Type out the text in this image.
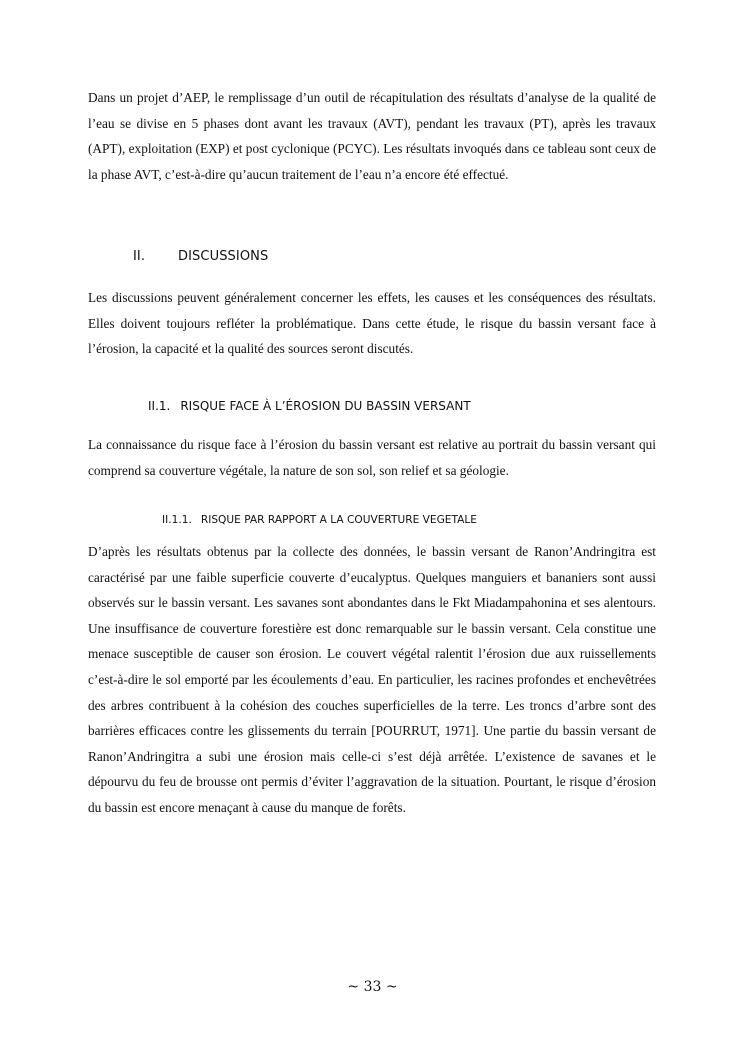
Dans un projet d’AEP, le remplissage d’un outil de récapitulation des résultats d’analyse de la qualité de l’eau se divise en 5 phases dont avant les travaux (AVT), pendant les travaux (PT), après les travaux (APT), exploitation (EXP) et post cyclonique (PCYC). Les résultats invoqués dans ce tableau sont ceux de la phase AVT, c’est-à-dire qu’aucun traitement de l’eau n’a encore été effectué.

II.	DISCUSSIONS

Les discussions peuvent généralement concerner les effets, les causes et les conséquences des résultats. Elles doivent toujours refléter la problématique. Dans cette étude, le risque du bassin versant face à l’érosion, la capacité et la qualité des sources seront discutés.

II.1. RISQUE FACE À L’ÉROSION DU BASSIN VERSANT

La connaissance du risque face à l’érosion du bassin versant est relative au portrait du bassin versant qui comprend sa couverture végétale, la nature de son sol, son relief et sa géologie.

II.1.1. RISQUE PAR RAPPORT A LA COUVERTURE VEGETALE

D’après les résultats obtenus par la collecte des données, le bassin versant de Ranon’Andringitra est caractérisé par une faible superficie couverte d’eucalyptus. Quelques manguiers et bananiers sont aussi observés sur le bassin versant. Les savanes sont abondantes dans le Fkt Miadampahonina et ses alentours. Une insuffisance de couverture forestière est donc remarquable sur le bassin versant. Cela constitue une menace susceptible de causer son érosion. Le couvert végétal ralentit l’érosion due aux ruissellements c’est-à-dire le sol emporté par les écoulements d’eau. En particulier, les racines profondes et enchevêtrées des arbres contribuent à la cohésion des couches superficielles de la terre. Les troncs d’arbre sont des barrières efficaces contre les glissements du terrain [POURRUT, 1971]. Une partie du bassin versant de Ranon’Andringitra a subi une érosion mais celle-ci s’est déjà arrêtée. L’existence de savanes et le dépourvu du feu de brousse ont permis d’éviter l’aggravation de la situation. Pourtant, le risque d’érosion du bassin est encore menaçant à cause du manque de forêts.

~ 33 ~
